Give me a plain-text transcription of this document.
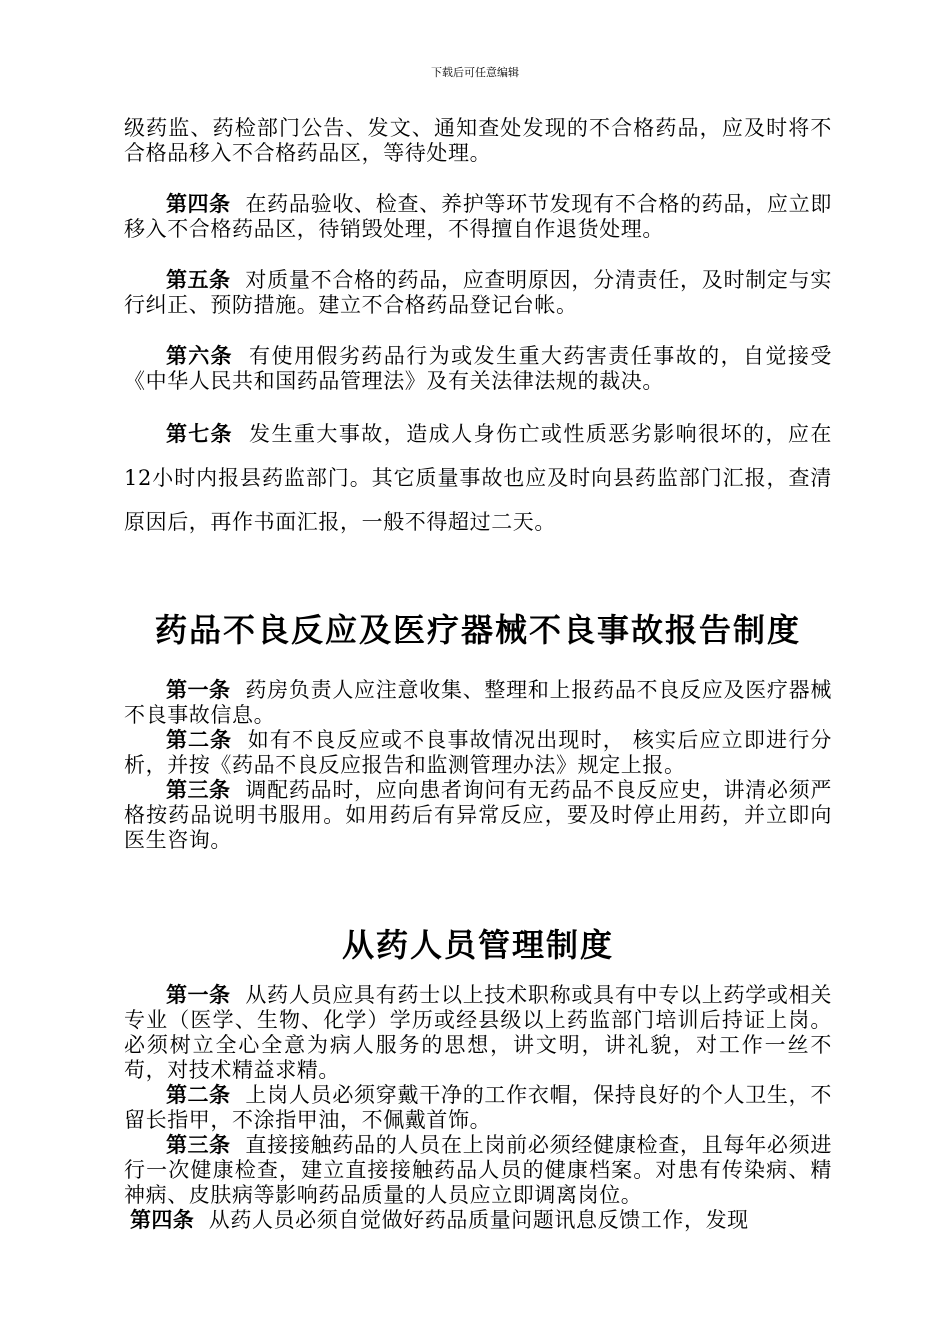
下载后可任意编辑

级药监、药检部门公告、发文、通知查处发现的不合格药品，应及时将不合格品移入不合格药品区，等待处理。

第四条 在药品验收、检查、养护等环节发现有不合格的药品，应立即移入不合格药品区，待销毁处理，不得擅自作退货处理。

第五条 对质量不合格的药品，应查明原因，分清责任，及时制定与实行纠正、预防措施。建立不合格药品登记台帐。

第六条 有使用假劣药品行为或发生重大药害责任事故的，自觉接受《中华人民共和国药品管理法》及有关法律法规的裁决。

第七条 发生重大事故，造成人身伤亡或性质恶劣影响很坏的，应在12小时内报县药监部门。其它质量事故也应及时向县药监部门汇报，查清原因后，再作书面汇报，一般不得超过二天。

药品不良反应及医疗器械不良事故报告制度

第一条 药房负责人应注意收集、整理和上报药品不良反应及医疗器械不良事故信息。

第二条 如有不良反应或不良事故情况出现时， 核实后应立即进行分析，并按《药品不良反应报告和监测管理办法》规定上报。

第三条 调配药品时，应向患者询问有无药品不良反应史，讲清必须严格按药品说明书服用。如用药后有异常反应，要及时停止用药，并立即向医生咨询。

从药人员管理制度

第一条 从药人员应具有药士以上技术职称或具有中专以上药学或相关专业（医学、生物、化学）学历或经县级以上药监部门培训后持证上岗。必须树立全心全意为病人服务的思想，讲文明，讲礼貌，对工作一丝不苟，对技术精益求精。

第二条 上岗人员必须穿戴干净的工作衣帽，保持良好的个人卫生，不留长指甲，不涂指甲油，不佩戴首饰。

第三条 直接接触药品的人员在上岗前必须经健康检查，且每年必须进行一次健康检查，建立直接接触药品人员的健康档案。对患有传染病、精神病、皮肤病等影响药品质量的人员应立即调离岗位。

第四条 从药人员必须自觉做好药品质量问题讯息反馈工作，发现
